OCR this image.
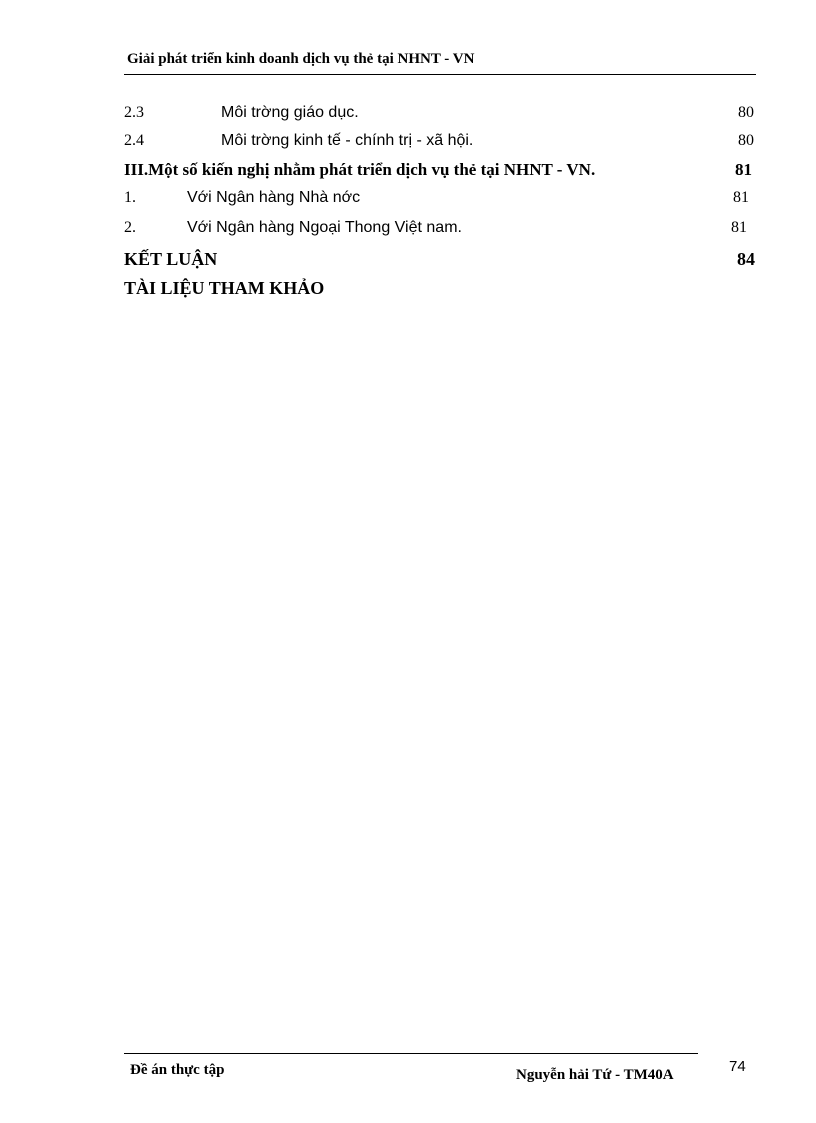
Giải phát triển kinh doanh dịch vụ thẻ tại NHNT - VN
2.3	Môi trờng giáo dục.	80
2.4	Môi trờng kinh tế - chính trị - xã hội.	80
III.Một số kiến nghị nhằm phát triển dịch vụ thẻ tại NHNT - VN.	81
1.	Với Ngân hàng Nhà nớc	81
2.	Với Ngân hàng Ngoại Thong Việt nam.	81
KẾT LUẬN	84
TÀI LIỆU THAM KHẢO
Đề án thực tập	Nguyễn hải Tứ - TM40A	74
